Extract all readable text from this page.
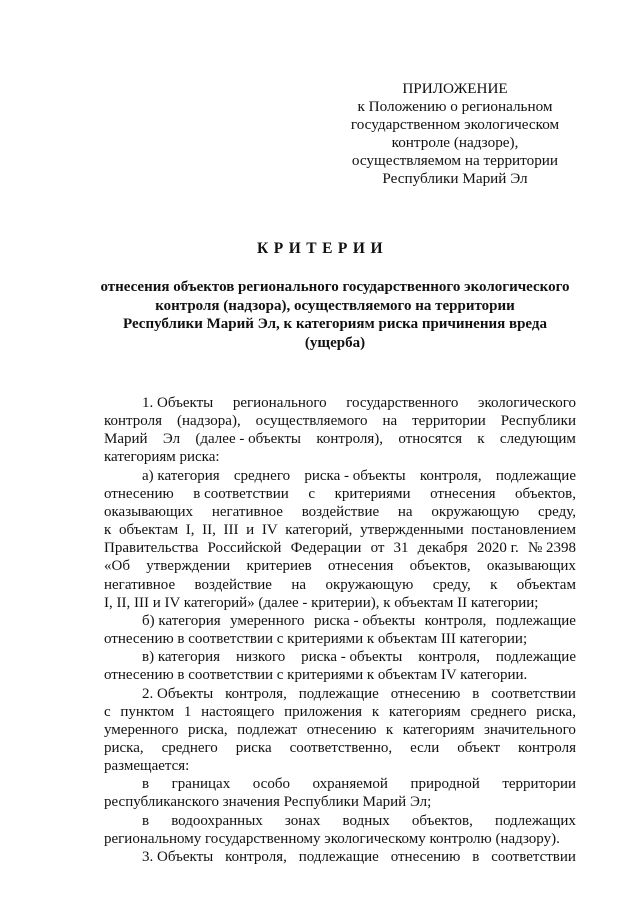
ПРИЛОЖЕНИЕ
к Положению о региональном
государственном экологическом
контроле (надзоре),
осуществляемом на территории
Республики Марий Эл
КРИТЕРИИ
отнесения объектов регионального государственного экологического
контроля (надзора), осуществляемого на территории
Республики Марий Эл, к категориям риска причинения вреда
(ущерба)
1. Объекты регионального государственного экологического
контроля (надзора), осуществляемого на территории Республики
Марий Эл (далее - объекты контроля), относятся к следующим
категориям риска:
а) категория среднего риска - объекты контроля, подлежащие
отнесению в соответствии с критериями отнесения объектов,
оказывающих негативное воздействие на окружающую среду,
к объектам I, II, III и IV категорий, утвержденными постановлением
Правительства Российской Федерации от 31 декабря 2020 г. № 2398
«Об утверждении критериев отнесения объектов, оказывающих
негативное воздействие на окружающую среду, к объектам
I, II, III и IV категорий» (далее - критерии), к объектам II категории;
б) категория умеренного риска - объекты контроля, подлежащие
отнесению в соответствии с критериями к объектам III категории;
в) категория низкого риска - объекты контроля, подлежащие
отнесению в соответствии с критериями к объектам IV категории.
2. Объекты контроля, подлежащие отнесению в соответствии
с пунктом 1 настоящего приложения к категориям среднего риска,
умеренного риска, подлежат отнесению к категориям значительного
риска, среднего риска соответственно, если объект контроля
размещается:
в границах особо охраняемой природной территории
республиканского значения Республики Марий Эл;
в водоохранных зонах водных объектов, подлежащих
региональному государственному экологическому контролю (надзору).
3. Объекты контроля, подлежащие отнесению в соответствии
